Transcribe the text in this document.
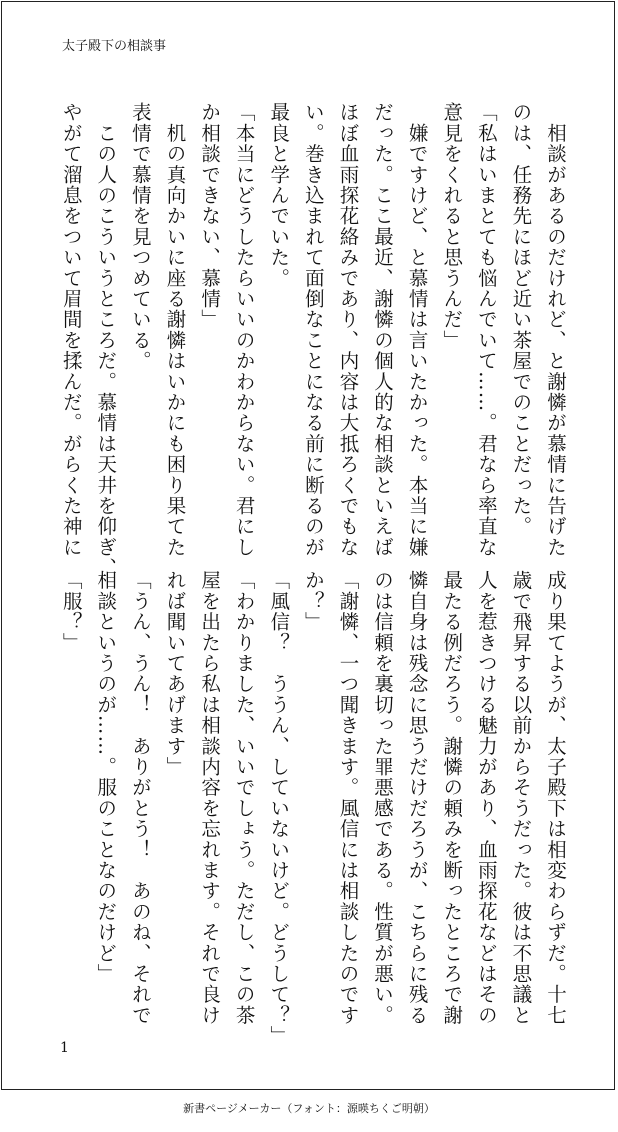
太子殿下の相談事
　相談があるのだけれど、と謝憐が慕情に告げた
のは、任務先にほど近い茶屋でのことだった。
「私はいまとても悩んでいて……。君なら率直な
意見をくれると思うんだ」
　嫌ですけど、と慕情は言いたかった。本当に嫌
だった。ここ最近、謝憐の個人的な相談といえば
ほぼ血雨探花絡みであり、内容は大抵ろくでもな
い。巻き込まれて面倒なことになる前に断るのが
最良と学んでいた。
「本当にどうしたらいいのかわからない。君にし
か相談できない、慕情」
　机の真向かいに座る謝憐はいかにも困り果てた
表情で慕情を見つめている。
　この人のこういうところだ。慕情は天井を仰ぎ、
やがて溜息をついて眉間を揉んだ。がらくた神に
成り果てようが、太子殿下は相変わらずだ。十七
歳で飛昇する以前からそうだった。彼は不思議と
人を惹きつける魅力があり、血雨探花などはその
最たる例だろう。謝憐の頼みを断ったところで謝
憐自身は残念に思うだけだろうが、こちらに残る
のは信頼を裏切った罪悪感である。性質が悪い。
「謝憐、一つ聞きます。風信には相談したのです
か？」
「風信？　ううん、していないけど。どうして？」
「わかりました、いいでしょう。ただし、この茶
屋を出たら私は相談内容を忘れます。それで良け
れば聞いてあげます」
「うん、うん！　ありがとう！　あのね、それで
相談というのが……。服のことなのだけど」
「服？」
1
新書ページメーカー（フォント：源暎ちくご明朝）
